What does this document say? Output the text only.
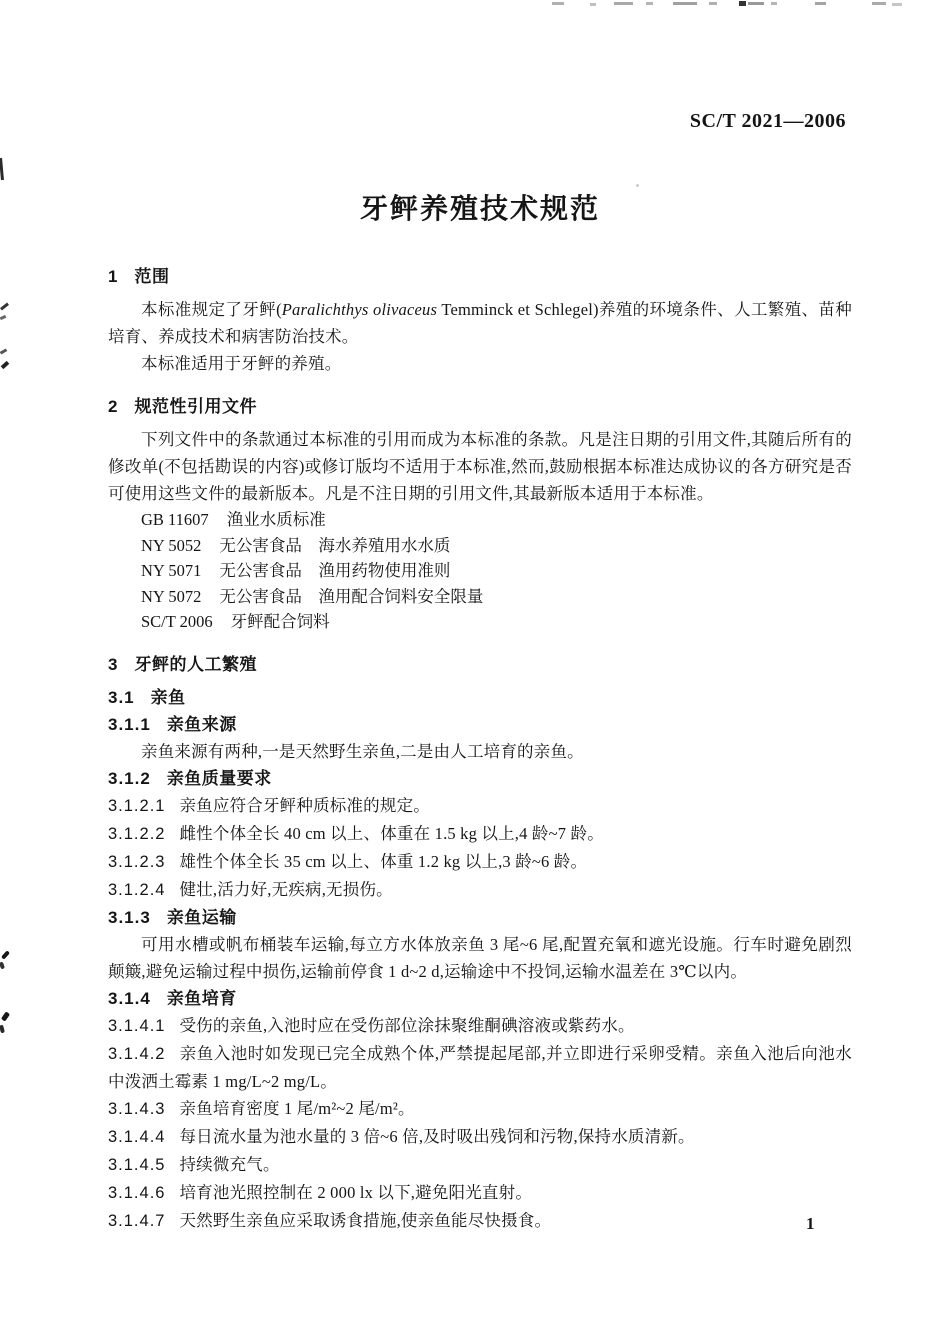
SC/T 2021—2006
牙鲆养殖技术规范
1 范围

本标准规定了牙鲆(Paralichthys olivaceus Temminck et Schlegel)养殖的环境条件、人工繁殖、苗种培育、养成技术和病害防治技术。

本标准适用于牙鲆的养殖。

2 规范性引用文件

下列文件中的条款通过本标准的引用而成为本标准的条款。凡是注日期的引用文件,其随后所有的修改单(不包括勘误的内容)或修订版均不适用于本标准,然而,鼓励根据本标准达成协议的各方研究是否可使用这些文件的最新版本。凡是不注日期的引用文件,其最新版本适用于本标准。

GB 11607 渔业水质标准

NY 5052 无公害食品　海水养殖用水水质

NY 5071 无公害食品　渔用药物使用准则

NY 5072 无公害食品　渔用配合饲料安全限量

SC/T 2006 牙鲆配合饲料

3 牙鲆的人工繁殖
3.1 亲鱼
3.1.1 亲鱼来源

亲鱼来源有两种,一是天然野生亲鱼,二是由人工培育的亲鱼。

3.1.2 亲鱼质量要求

3.1.2.1 亲鱼应符合牙鲆种质标准的规定。

3.1.2.2 雌性个体全长 40 cm 以上、体重在 1.5 kg 以上,4 龄~7 龄。

3.1.2.3 雄性个体全长 35 cm 以上、体重 1.2 kg 以上,3 龄~6 龄。

3.1.2.4 健壮,活力好,无疾病,无损伤。

3.1.3 亲鱼运输

可用水槽或帆布桶装车运输,每立方水体放亲鱼 3 尾~6 尾,配置充氧和遮光设施。行车时避免剧烈颠簸,避免运输过程中损伤,运输前停食 1 d~2 d,运输途中不投饲,运输水温差在 3℃以内。

3.1.4 亲鱼培育

3.1.4.1 受伤的亲鱼,入池时应在受伤部位涂抹聚维酮碘溶液或紫药水。

3.1.4.2 亲鱼入池时如发现已完全成熟个体,严禁提起尾部,并立即进行采卵受精。亲鱼入池后向池水中泼洒土霉素 1 mg/L~2 mg/L。

3.1.4.3 亲鱼培育密度 1 尾/m²~2 尾/m²。

3.1.4.4 每日流水量为池水量的 3 倍~6 倍,及时吸出残饲和污物,保持水质清新。

3.1.4.5 持续微充气。

3.1.4.6 培育池光照控制在 2 000 lx 以下,避免阳光直射。

3.1.4.7 天然野生亲鱼应采取诱食措施,使亲鱼能尽快摄食。	1
